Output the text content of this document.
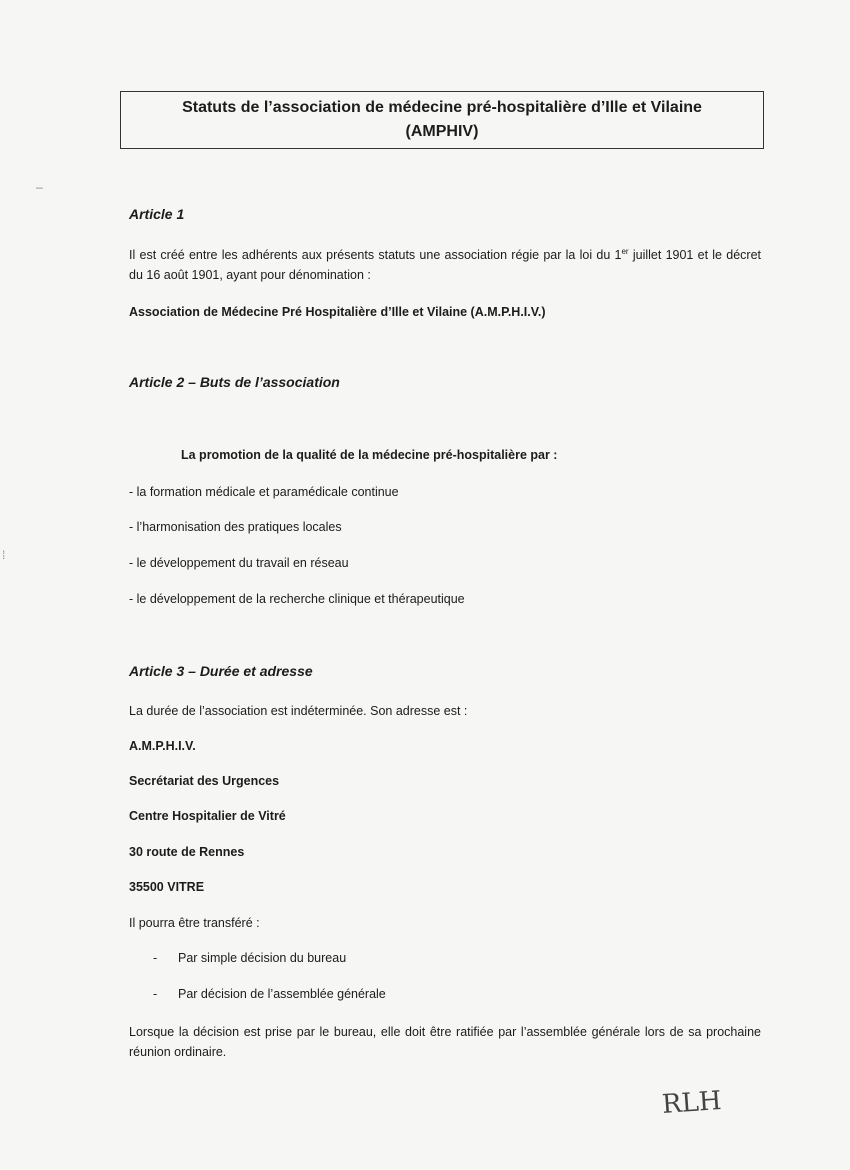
Statuts de l’association de médecine pré-hospitalière d’Ille et Vilaine
(AMPHIV)

Article 1

Il est créé entre les adhérents aux présents statuts une association régie par la loi du 1er juillet 1901 et le décret du 16 août 1901, ayant pour dénomination :

Association de Médecine Pré Hospitalière d’Ille et Vilaine (A.M.P.H.I.V.)

Article 2 – Buts de l’association

La promotion de la qualité de la médecine pré-hospitalière par :

- la formation médicale et paramédicale continue

- l’harmonisation des pratiques locales

- le développement du travail en réseau

- le développement de la recherche clinique et thérapeutique

Article 3 – Durée et adresse

La durée de l’association est indéterminée. Son adresse est :

A.M.P.H.I.V.

Secrétariat des Urgences

Centre Hospitalier de Vitré

30 route de Rennes

35500 VITRE

Il pourra être transféré :

- Par simple décision du bureau
- Par décision de l’assemblée générale

Lorsque la décision est prise par le bureau, elle doit être ratifiée par l’assemblée générale lors de sa prochaine réunion ordinaire.

RLH
‒
⁞
